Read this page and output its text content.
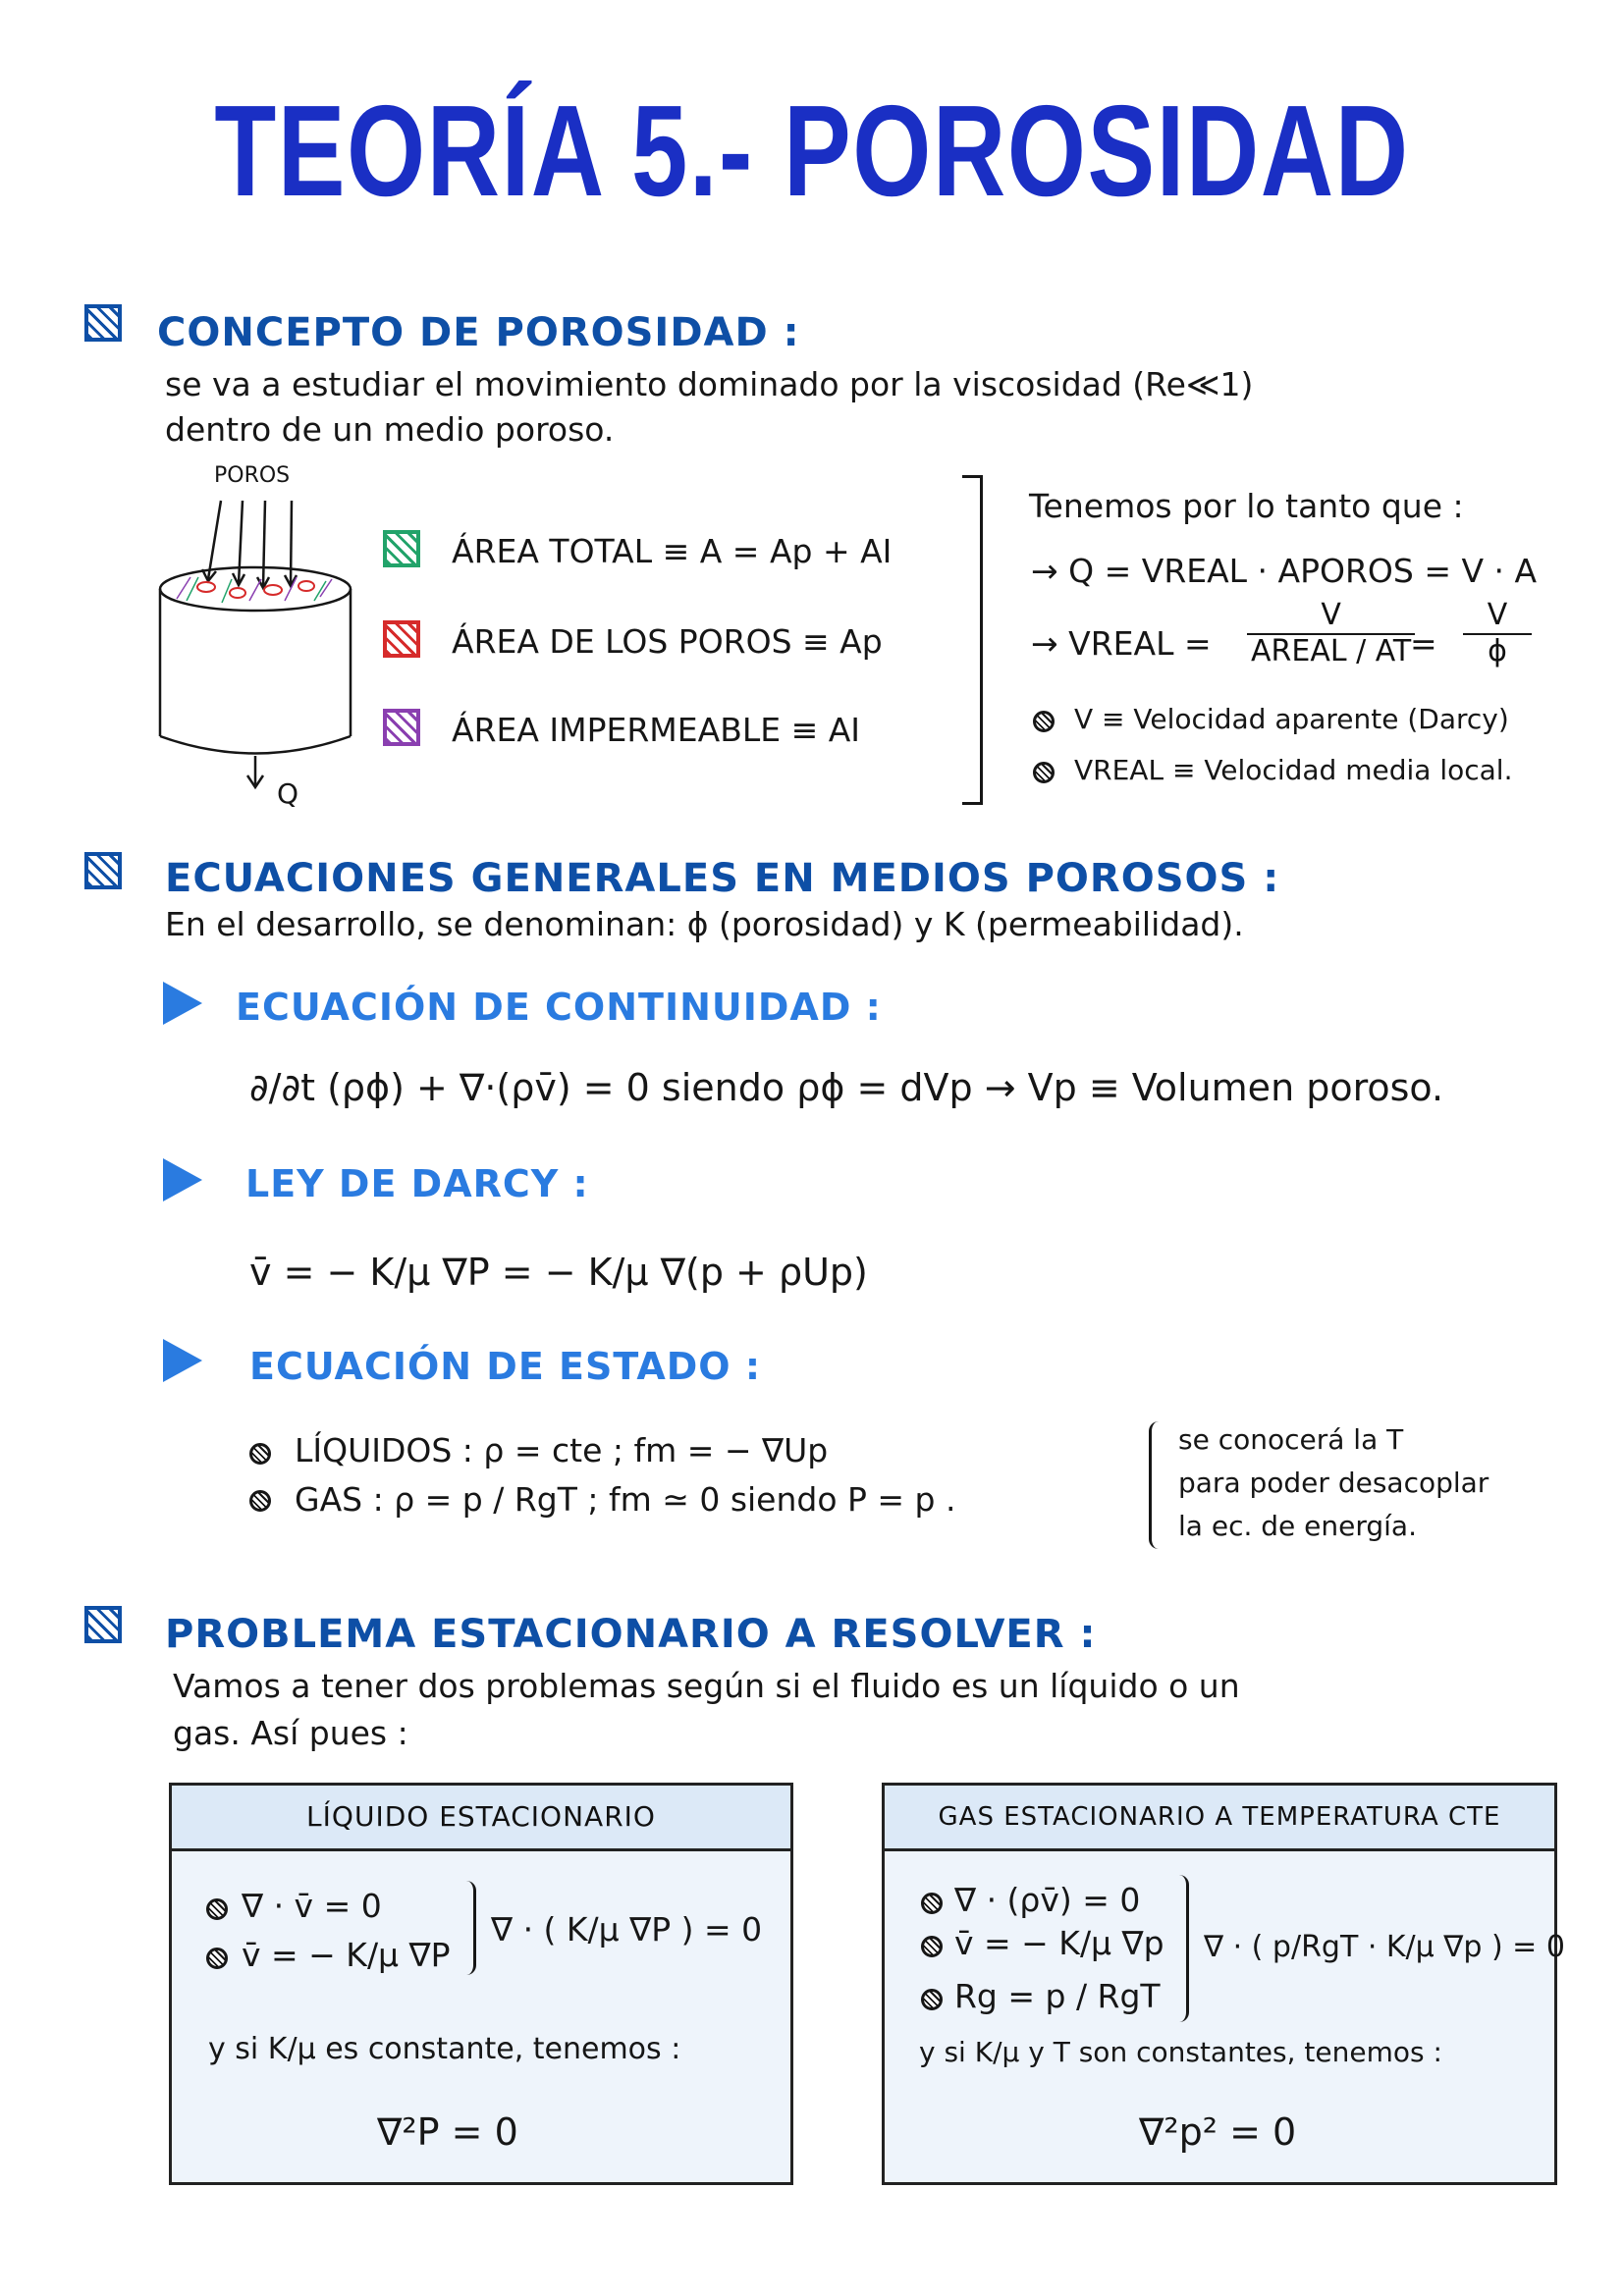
TEORÍA 5.- POROSIDAD
CONCEPTO DE POROSIDAD :
se va a estudiar el movimiento dominado por la viscosidad (Re≪1)
dentro de un medio poroso.
POROS
Q
ÁREA TOTAL ≡ A = Ap + AI
ÁREA DE LOS POROS ≡ Ap
ÁREA IMPERMEABLE ≡ AI
Tenemos por lo tanto que :
→ Q = VREAL · APOROS = V · A
→ VREAL =
V
AREAL / AT
= $\frac{V}{\phi}$
V ≡ Velocidad aparente (Darcy)
VREAL ≡ Velocidad media local.
ECUACIONES GENERALES EN MEDIOS POROSOS :
En el desarrollo, se denominan: ϕ (porosidad) y K (permeabilidad).
ECUACIÓN DE CONTINUIDAD :
∂/∂t (ρϕ) + ∇·(ρv̄) = 0 siendo ρϕ = dVp → Vp ≡ Volumen poroso.
LEY DE DARCY :
v̄ = − K/μ ∇P = − K/μ ∇(p + ρUp)
ECUACIÓN DE ESTADO :
LÍQUIDOS : ρ = cte ; fm = − ∇Up
GAS : ρ = p / RgT ; fm ≃ 0 siendo P = p .
se conocerá la T
para poder desacoplar
la ec. de energía.
PROBLEMA ESTACIONARIO A RESOLVER :
Vamos a tener dos problemas según si el fluido es un líquido o un
gas. Así pues :
LÍQUIDO ESTACIONARIO
∇ · v̄ = 0
v̄ = − K/μ ∇P
∇ · ( K/μ ∇P ) = 0
y si K/μ es constante, tenemos :
∇²P = 0
GAS ESTACIONARIO A TEMPERATURA CTE
∇ · (ρv̄) = 0
v̄ = − K/μ ∇p
Rg = p / RgT
∇ · ( p/RgT · K/μ ∇p ) = 0
y si K/μ y T son constantes, tenemos :
∇²p² = 0
